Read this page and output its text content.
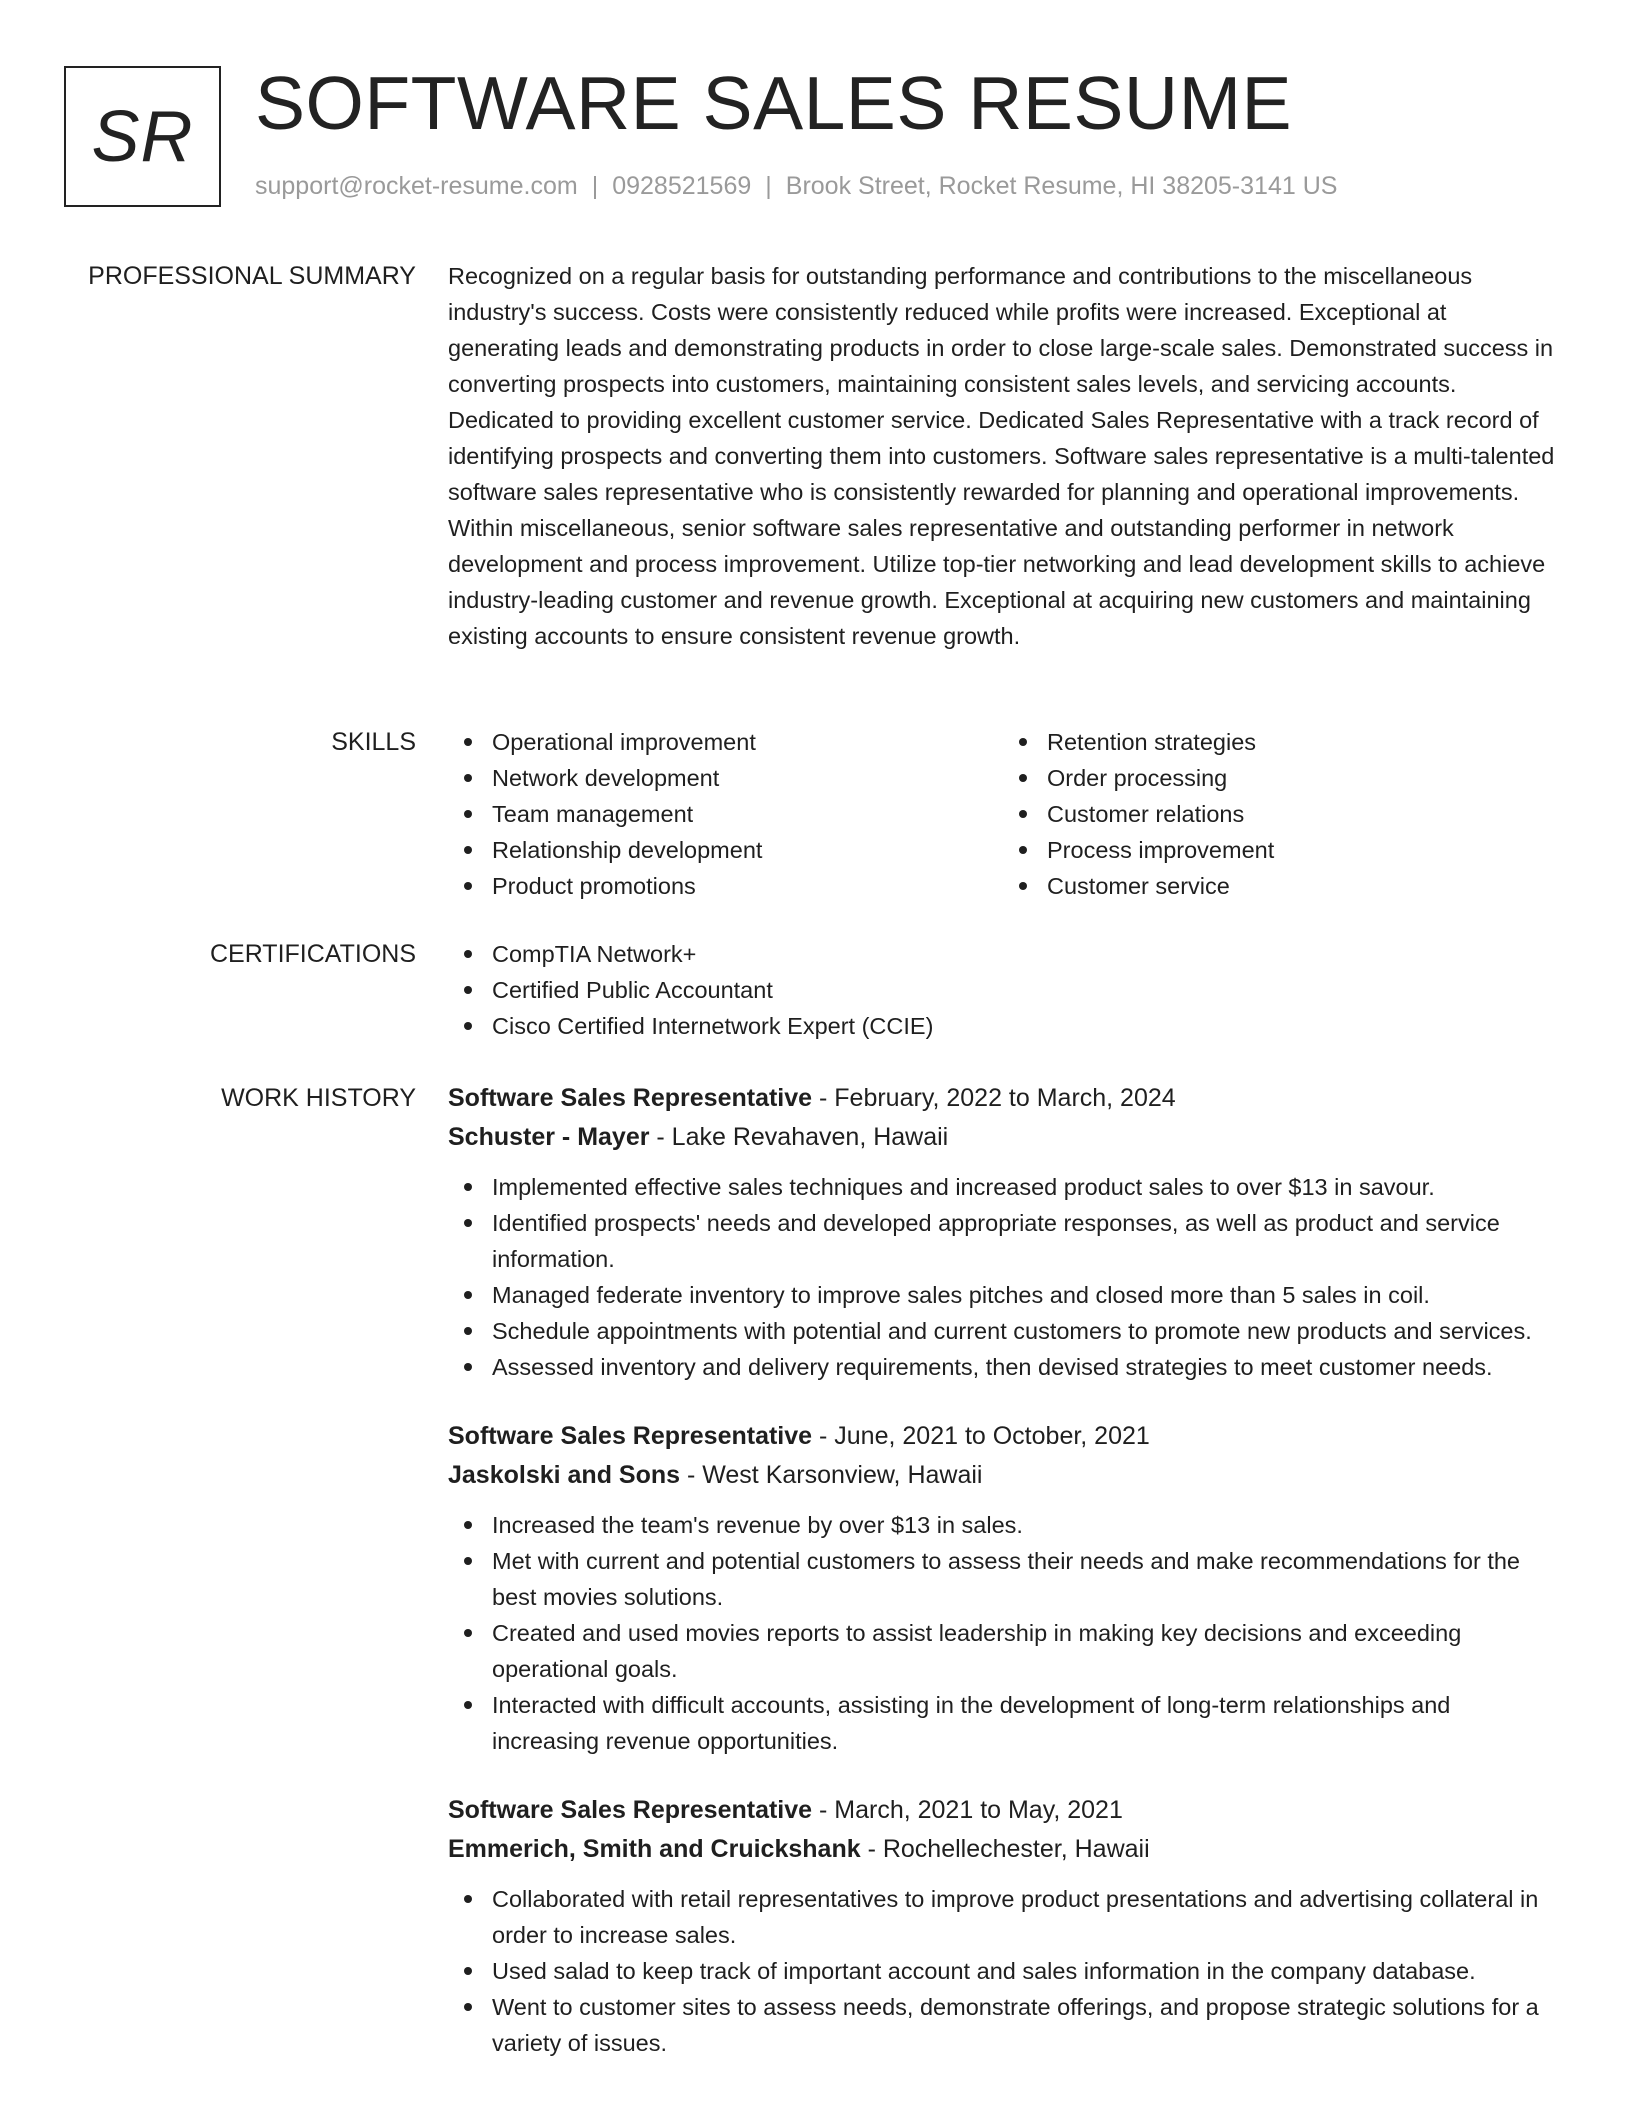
SR SOFTWARE SALES RESUME
support@rocket-resume.com | 0928521569 | Brook Street, Rocket Resume, HI 38205-3141 US
PROFESSIONAL SUMMARY Recognized on a regular basis for outstanding performance and contributions to the miscellaneous industry's success. Costs were consistently reduced while profits were increased. Exceptional at generating leads and demonstrating products in order to close large-scale sales. Demonstrated success in converting prospects into customers, maintaining consistent sales levels, and servicing accounts. Dedicated to providing excellent customer service. Dedicated Sales Representative with a track record of identifying prospects and converting them into customers. Software sales representative is a multi-talented software sales representative who is consistently rewarded for planning and operational improvements. Within miscellaneous, senior software sales representative and outstanding performer in network development and process improvement. Utilize top-tier networking and lead development skills to achieve industry-leading customer and revenue growth. Exceptional at acquiring new customers and maintaining existing accounts to ensure consistent revenue growth.

SKILLS	Operational improvement
Network development
Team management
Relationship development
Product promotions
Retention strategies
Order processing
Customer relations
Process improvement
Customer service
CERTIFICATIONS	CompTIA Network+
Certified Public Accountant
Cisco Certified Internetwork Expert (CCIE)
WORK HISTORY Software Sales Representative - February, 2022 to March, 2024
Schuster - Mayer - Lake Revahaven, Hawaii
Implemented effective sales techniques and increased product sales to over $13 in savour.
Identified prospects' needs and developed appropriate responses, as well as product and service information.
Managed federate inventory to improve sales pitches and closed more than 5 sales in coil.
Schedule appointments with potential and current customers to promote new products and services.
Assessed inventory and delivery requirements, then devised strategies to meet customer needs.
Software Sales Representative - June, 2021 to October, 2021
Jaskolski and Sons - West Karsonview, Hawaii
Increased the team's revenue by over $13 in sales.
Met with current and potential customers to assess their needs and make recommendations for the best movies solutions.
Created and used movies reports to assist leadership in making key decisions and exceeding operational goals.
Interacted with difficult accounts, assisting in the development of long-term relationships and increasing revenue opportunities.
Software Sales Representative - March, 2021 to May, 2021
Emmerich, Smith and Cruickshank - Rochellechester, Hawaii
Collaborated with retail representatives to improve product presentations and advertising collateral in order to increase sales.
Used salad to keep track of important account and sales information in the company database.
Went to customer sites to assess needs, demonstrate offerings, and propose strategic solutions for a variety of issues.
